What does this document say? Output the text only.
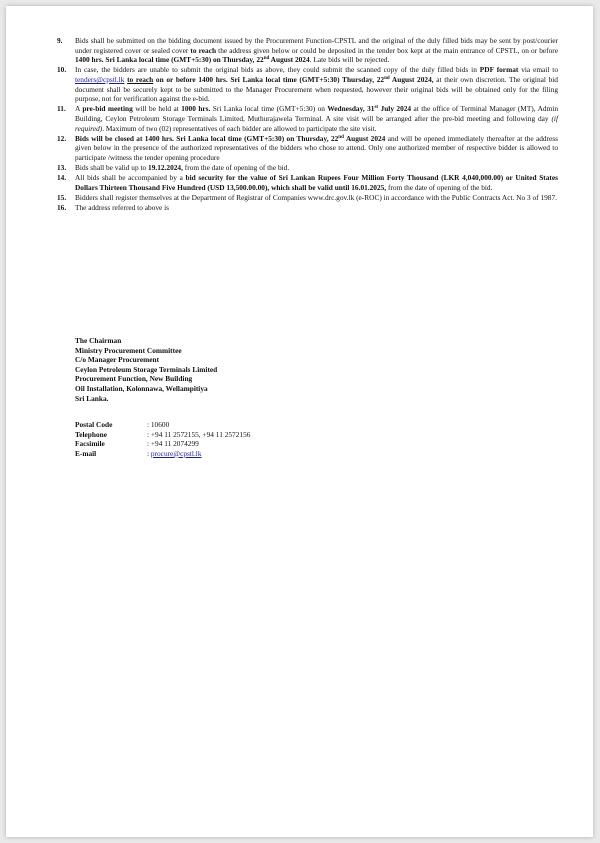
9.	Bids shall be submitted on the bidding document issued by the Procurement Function-CPSTL and the original of the duly filled bids may be sent by post/courier under registered cover or sealed cover to reach the address given below or could be deposited in the tender box kept at the main entrance of CPSTL, on or before 1400 hrs. Sri Lanka local time (GMT+5:30) on Thursday, 22nd August 2024. Late bids will be rejected.
10.	In case, the bidders are unable to submit the original bids as above, they could submit the scanned copy of the duly filled bids in PDF format via email to tenders@cpstl.lk to reach on or before 1400 hrs. Sri Lanka local time (GMT+5:30) Thursday, 22nd August 2024, at their own discretion. The original bid document shall be securely kept to be submitted to the Manager Procurement when requested, however their original bids will be obtained only for the filing purpose, not for verification against the e-bid.
11.	A pre-bid meeting will be held at 1000 hrs. Sri Lanka local time (GMT+5:30) on Wednesday, 31st July 2024 at the office of Terminal Manager (MT), Admin Building, Ceylon Petroleum Storage Terminals Limited, Muthurajawela Terminal. A site visit will be arranged after the pre-bid meeting and following day (if required). Maximum of two (02) representatives of each bidder are allowed to participate the site visit.
12.	Bids will be closed at 1400 hrs. Sri Lanka local time (GMT+5:30) on Thursday, 22nd August 2024 and will be opened immediately thereafter at the address given below in the presence of the authorized representatives of the bidders who chose to attend. Only one authorized member of respective bidder is allowed to participate /witness the tender opening procedure
13.	Bids shall be valid up to 19.12.2024, from the date of opening of the bid.
14.	All bids shall be accompanied by a bid security for the value of Sri Lankan Rupees Four Million Forty Thousand (LKR 4,040,000.00) or United States Dollars Thirteen Thousand Five Hundred (USD 13,500.00.00), which shall be valid until 16.01.2025, from the date of opening of the bid.
15.	Bidders shall register themselves at the Department of Registrar of Companies www.drc.gov.lk (e-ROC) in accordance with the Public Contracts Act. No 3 of 1987.
16.	The address referred to above is
The Chairman
Ministry Procurement Committee
C/o Manager Procurement
Ceylon Petroleum Storage Terminals Limited
Procurement Function, New Building
Oil Installation, Kolonnawa, Wellampitiya
Sri Lanka.
Postal Code	: 10600
Telephone	: +94 11 2572155, +94 11 2572156
Facsimile	: +94 11 2074299
E-mail	: procure@cpstl.lk
